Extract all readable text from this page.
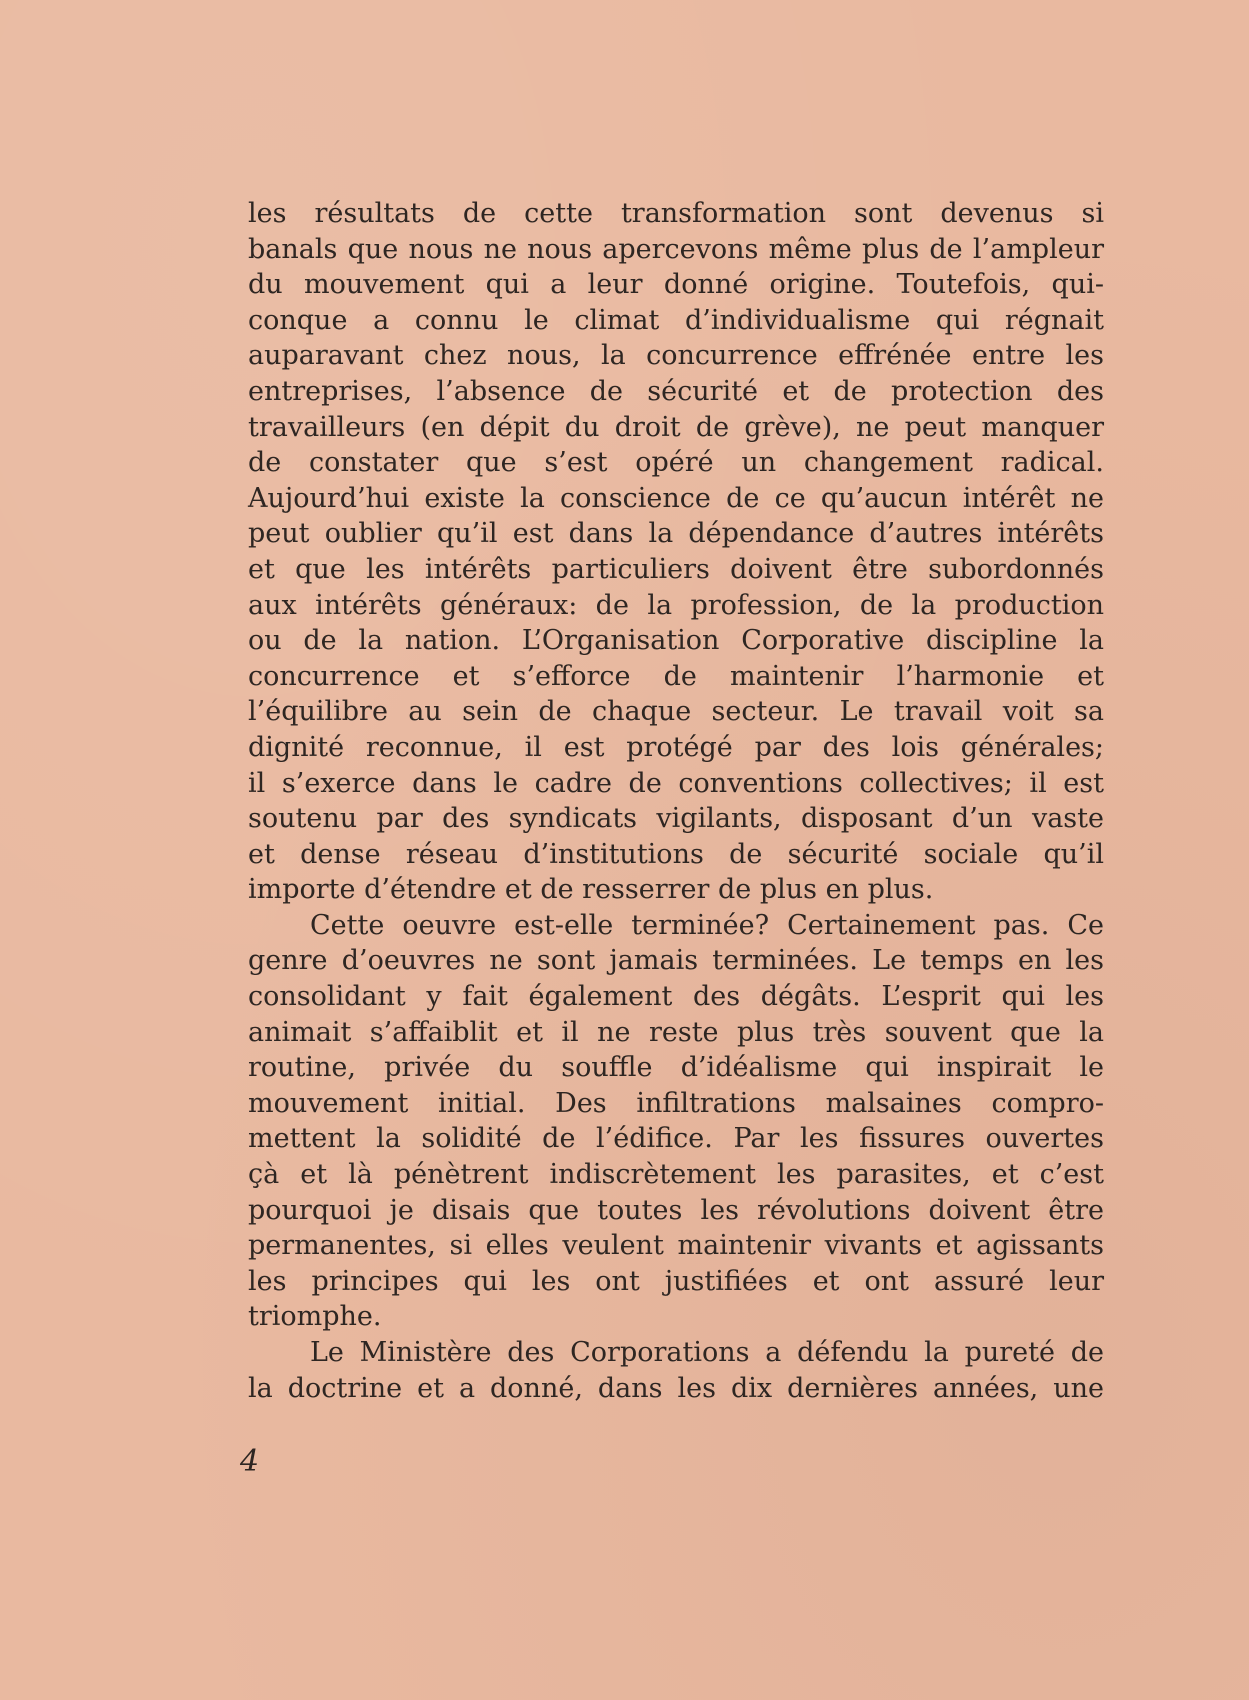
les résultats de cette transformation sont devenus si
banals que nous ne nous apercevons même plus de l’ampleur
du mouvement qui a leur donné origine. Toutefois, qui-
conque a connu le climat d’individualisme qui régnait
auparavant chez nous, la concurrence effrénée entre les
entreprises, l’absence de sécurité et de protection des
travailleurs (en dépit du droit de grève), ne peut manquer
de constater que s’est opéré un changement radical.
Aujourd’hui existe la conscience de ce qu’aucun intérêt ne
peut oublier qu’il est dans la dépendance d’autres intérêts
et que les intérêts particuliers doivent être subordonnés
aux intérêts généraux: de la profession, de la production
ou de la nation. L’Organisation Corporative discipline la
concurrence et s’efforce de maintenir l’harmonie et
l’équilibre au sein de chaque secteur. Le travail voit sa
dignité reconnue, il est protégé par des lois générales;
il s’exerce dans le cadre de conventions collectives; il est
soutenu par des syndicats vigilants, disposant d’un vaste
et dense réseau d’institutions de sécurité sociale qu’il
importe d’étendre et de resserrer de plus en plus.
Cette oeuvre est-elle terminée? Certainement pas. Ce
genre d’oeuvres ne sont jamais terminées. Le temps en les
consolidant y fait également des dégâts. L’esprit qui les
animait s’affaiblit et il ne reste plus très souvent que la
routine, privée du souffle d’idéalisme qui inspirait le
mouvement initial. Des infiltrations malsaines compro-
mettent la solidité de l’édifice. Par les fissures ouvertes
çà et là pénètrent indiscrètement les parasites, et c’est
pourquoi je disais que toutes les révolutions doivent être
permanentes, si elles veulent maintenir vivants et agissants
les principes qui les ont justifiées et ont assuré leur
triomphe.
Le Ministère des Corporations a défendu la pureté de
la doctrine et a donné, dans les dix dernières années, une

4
